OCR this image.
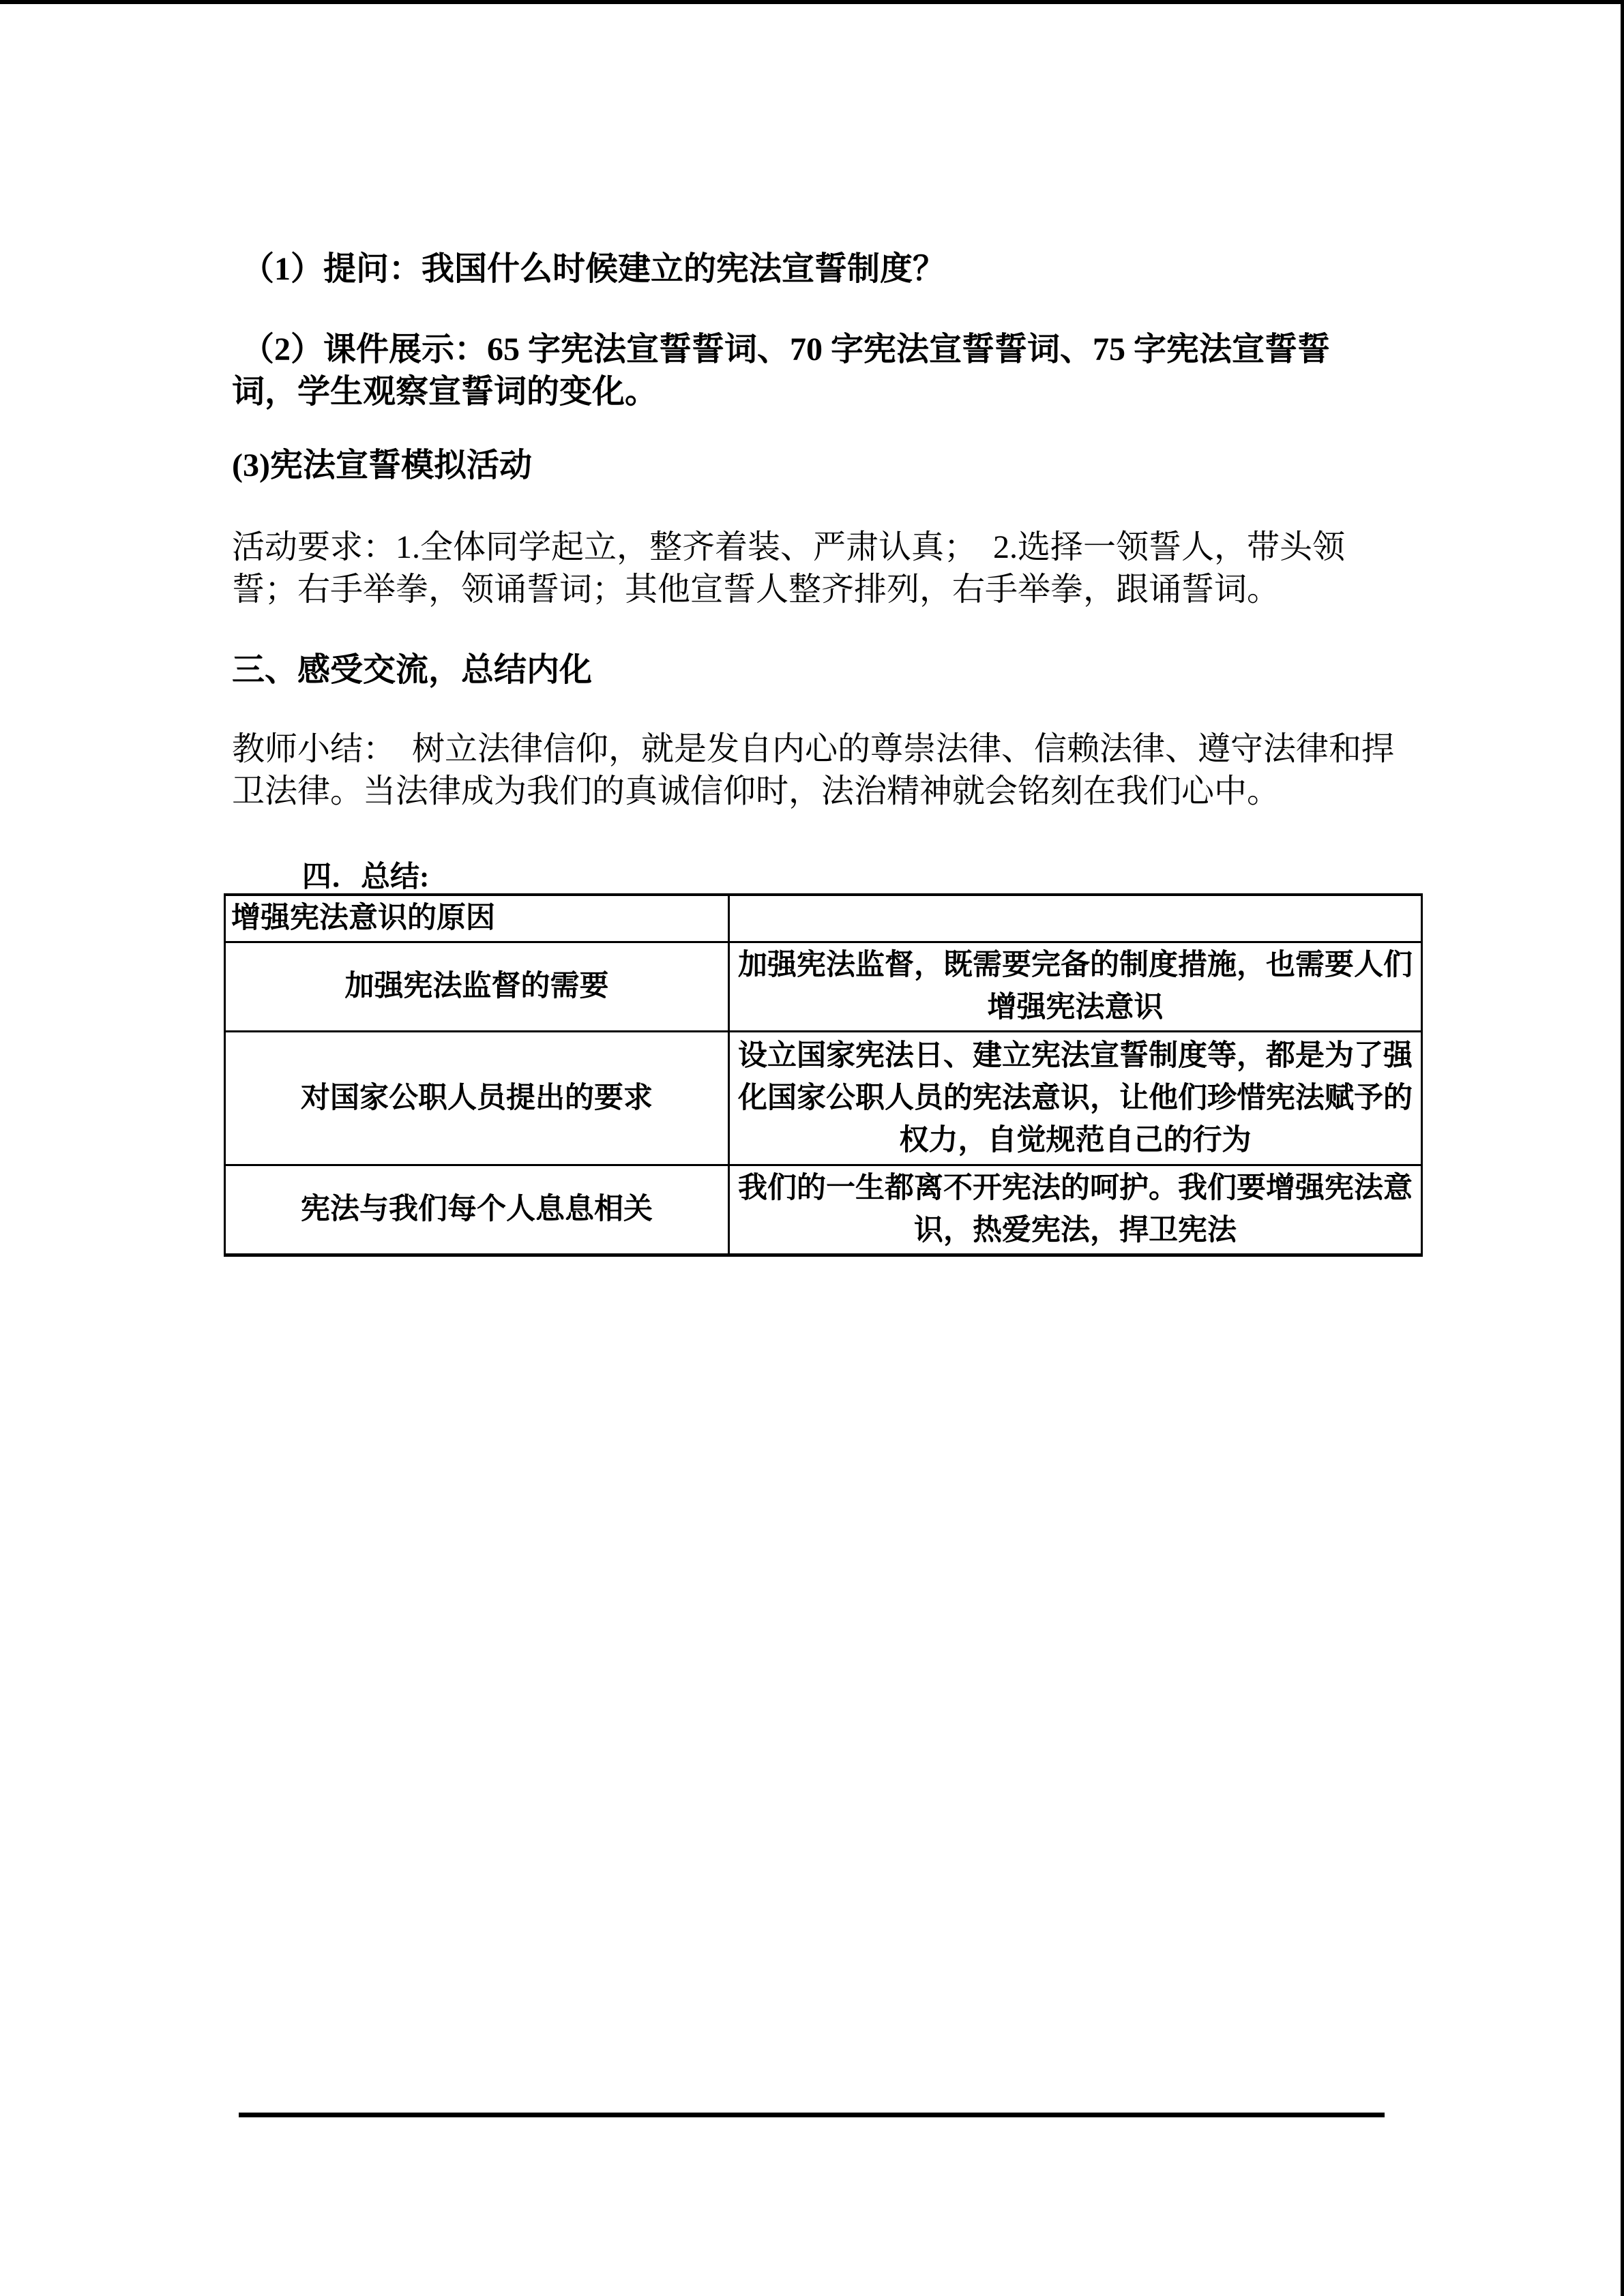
（1）提问：我国什么时候建立的宪法宣誓制度？
（2）课件展示：65 字宪法宣誓誓词、70 字宪法宣誓誓词、75 字宪法宣誓誓词，学生观察宣誓词的变化。
(3)宪法宣誓模拟活动
活动要求：1.全体同学起立，整齐着装、严肃认真；  2.选择一领誓人，带头领誓；右手举拳，领诵誓词；其他宣誓人整齐排列，右手举拳，跟诵誓词。
三、感受交流，总结内化
教师小结：  树立法律信仰，就是发自内心的尊崇法律、信赖法律、遵守法律和捍卫法律。当法律成为我们的真诚信仰时，法治精神就会铭刻在我们心中。
四．总结:
增强宪法意识的原因	
加强宪法监督的需要	加强宪法监督，既需要完备的制度措施，也需要人们增强宪法意识
对国家公职人员提出的要求	设立国家宪法日、建立宪法宣誓制度等，都是为了强化国家公职人员的宪法意识，让他们珍惜宪法赋予的权力，自觉规范自己的行为
宪法与我们每个人息息相关	我们的一生都离不开宪法的呵护。我们要增强宪法意识，热爱宪法，捍卫宪法
